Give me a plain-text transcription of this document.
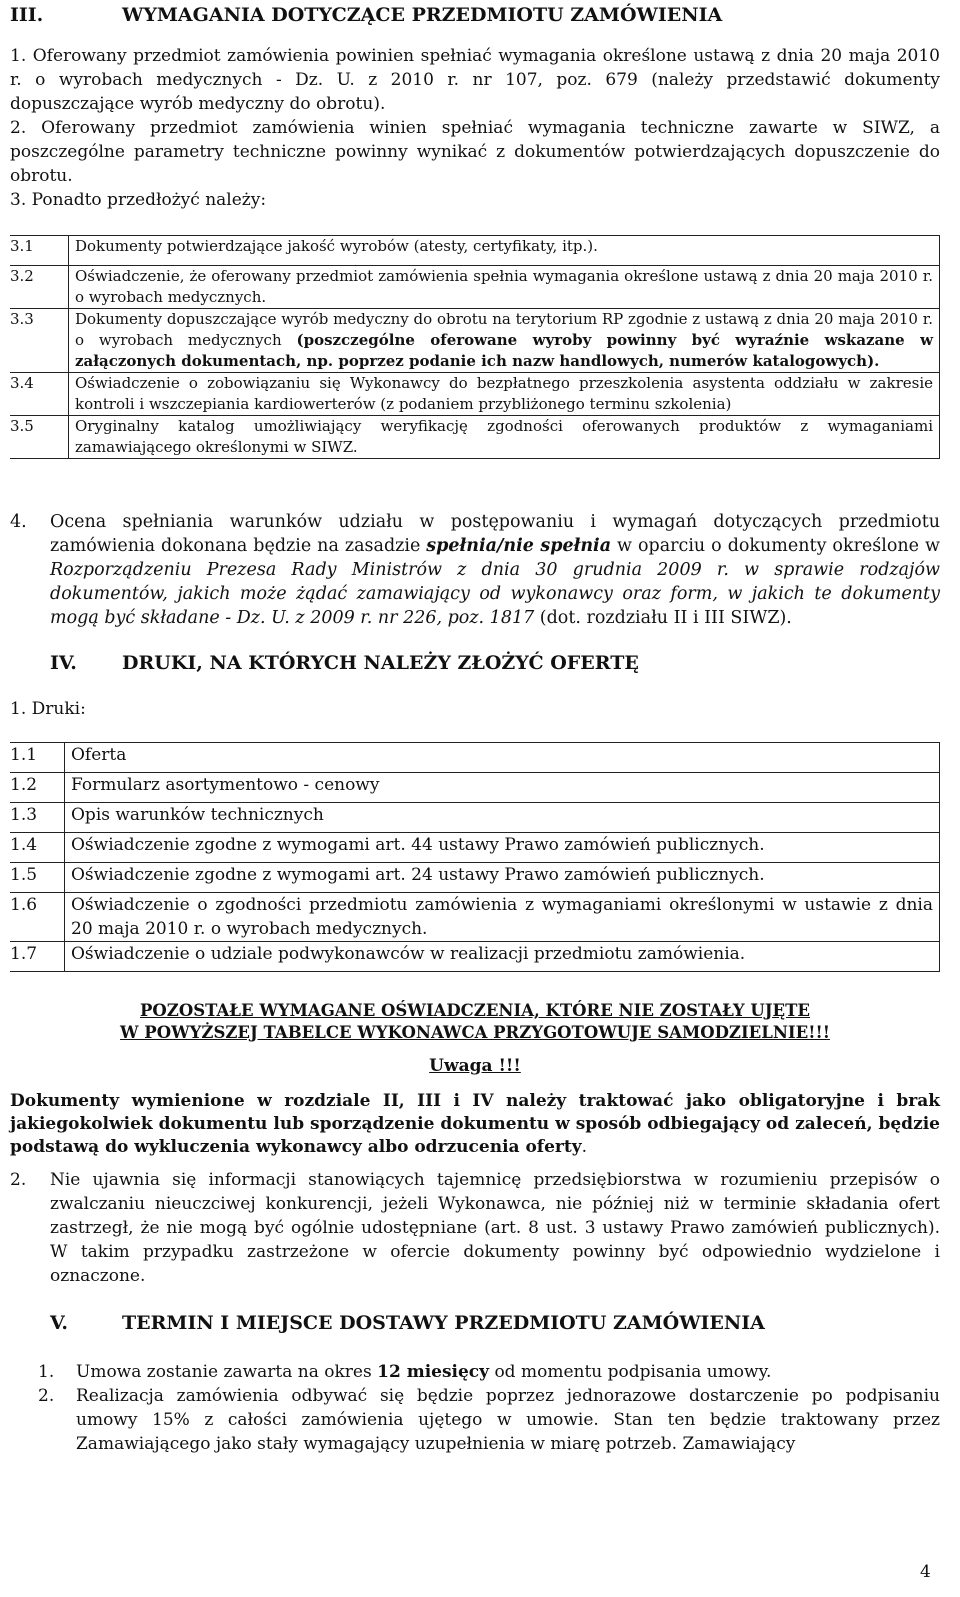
III.	WYMAGANIA DOTYCZĄCE PRZEDMIOTU ZAMÓWIENIA
1. Oferowany przedmiot zamówienia powinien spełniać wymagania określone ustawą z dnia 20 maja 2010 r. o wyrobach medycznych - Dz. U. z 2010 r. nr 107, poz. 679 (należy przedstawić dokumenty dopuszczające wyrób medyczny do obrotu).
2. Oferowany przedmiot zamówienia winien spełniać wymagania techniczne zawarte w SIWZ, a poszczególne parametry techniczne powinny wynikać z dokumentów potwierdzających dopuszczenie do obrotu.
3. Ponadto przedłożyć należy:
3.1	Dokumenty potwierdzające jakość wyrobów (atesty, certyfikaty, itp.).
3.2	Oświadczenie, że oferowany przedmiot zamówienia spełnia wymagania określone ustawą z dnia 20 maja 2010 r. o wyrobach medycznych.
3.3	Dokumenty dopuszczające wyrób medyczny do obrotu na terytorium RP zgodnie z ustawą z dnia 20 maja 2010 r. o wyrobach medycznych (poszczególne oferowane wyroby powinny być wyraźnie wskazane w załączonych dokumentach, np. poprzez podanie ich nazw handlowych, numerów katalogowych).
3.4	Oświadczenie o zobowiązaniu się Wykonawcy do bezpłatnego przeszkolenia asystenta oddziału w zakresie kontroli i wszczepiania kardiowerterów (z podaniem przybliżonego terminu szkolenia)
3.5	Oryginalny katalog umożliwiający weryfikację zgodności oferowanych produktów z wymaganiami zamawiającego określonymi w SIWZ.
4. Ocena spełniania warunków udziału w postępowaniu i wymagań dotyczących przedmiotu zamówienia dokonana będzie na zasadzie spełnia/nie spełnia w oparciu o dokumenty określone w Rozporządzeniu Prezesa Rady Ministrów z dnia 30 grudnia 2009 r. w sprawie rodzajów dokumentów, jakich może żądać zamawiający od wykonawcy oraz form, w jakich te dokumenty mogą być składane - Dz. U. z 2009 r. nr 226, poz. 1817 (dot. rozdziału II i III SIWZ).
IV. DRUKI, NA KTÓRYCH NALEŻY ZŁOŻYĆ OFERTĘ
1. Druki:
1.1	Oferta
1.2	Formularz asortymentowo - cenowy
1.3	Opis warunków technicznych
1.4	Oświadczenie zgodne z wymogami art. 44 ustawy Prawo zamówień publicznych.
1.5	Oświadczenie zgodne z wymogami art. 24 ustawy Prawo zamówień publicznych.
1.6	Oświadczenie o zgodności przedmiotu zamówienia z wymaganiami określonymi w ustawie z dnia 20 maja 2010 r. o wyrobach medycznych.
1.7	Oświadczenie o udziale podwykonawców w realizacji przedmiotu zamówienia.
POZOSTAŁE WYMAGANE OŚWIADCZENIA, KTÓRE NIE ZOSTAŁY UJĘTE
W POWYŻSZEJ TABELCE WYKONAWCA PRZYGOTOWUJE SAMODZIELNIE!!!
Uwaga !!!
Dokumenty wymienione w rozdziale II, III i IV należy traktować jako obligatoryjne i brak jakiegokolwiek dokumentu lub sporządzenie dokumentu w sposób odbiegający od zaleceń, będzie podstawą do wykluczenia wykonawcy albo odrzucenia oferty.
2. Nie ujawnia się informacji stanowiących tajemnicę przedsiębiorstwa w rozumieniu przepisów o zwalczaniu nieuczciwej konkurencji, jeżeli Wykonawca, nie później niż w terminie składania ofert zastrzegł, że nie mogą być ogólnie udostępniane (art. 8 ust. 3 ustawy Prawo zamówień publicznych). W takim przypadku zastrzeżone w ofercie dokumenty powinny być odpowiednio wydzielone i oznaczone.
V.	TERMIN I MIEJSCE DOSTAWY PRZEDMIOTU ZAMÓWIENIA
1. Umowa zostanie zawarta na okres 12 miesięcy od momentu podpisania umowy.
2. Realizacja zamówienia odbywać się będzie poprzez jednorazowe dostarczenie po podpisaniu umowy 15% z całości zamówienia ujętego w umowie. Stan ten będzie traktowany przez Zamawiającego jako stały wymagający uzupełnienia w miarę potrzeb. Zamawiający
4
